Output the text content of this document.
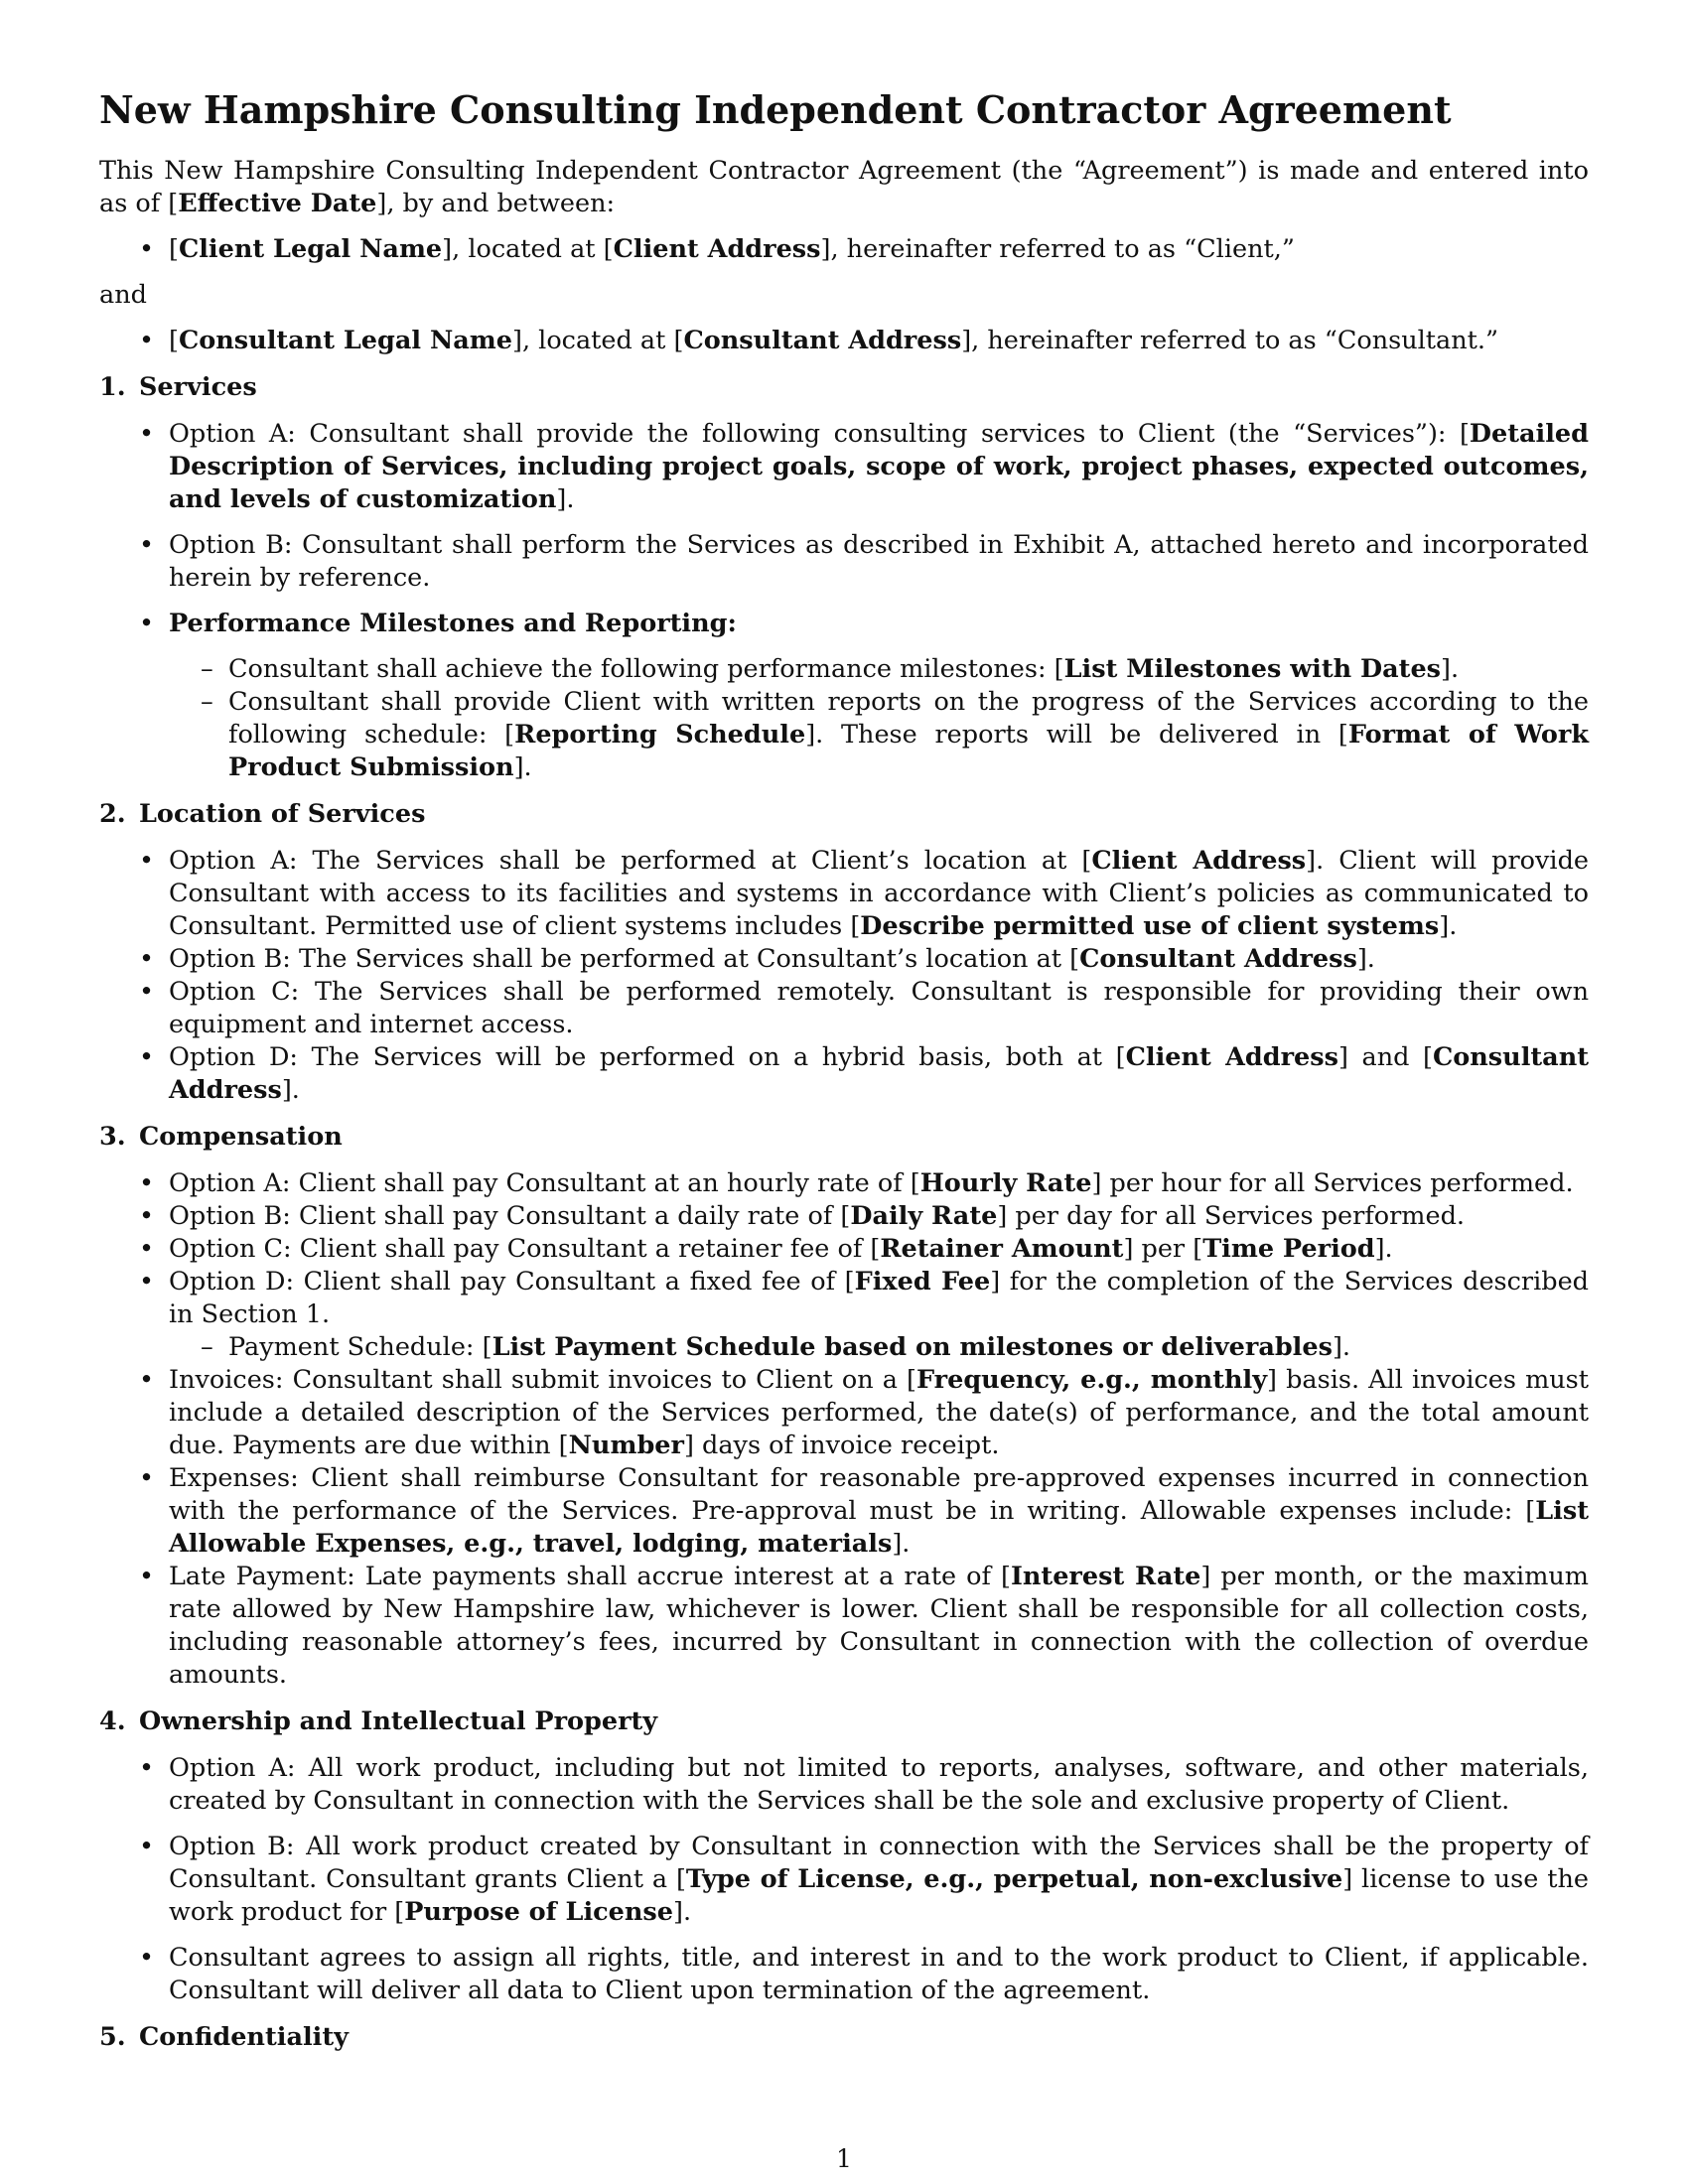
New Hampshire Consulting Independent Contractor Agreement

This New Hampshire Consulting Independent Contractor Agreement (the “Agreement”) is made and entered into as of [Effective Date], by and between:

• [Client Legal Name], located at [Client Address], hereinafter referred to as “Client,”

and

• [Consultant Legal Name], located at [Consultant Address], hereinafter referred to as “Consultant.”

1. Services

• Option A: Consultant shall provide the following consulting services to Client (the “Services”): [Detailed Description of Services, including project goals, scope of work, project phases, expected outcomes, and levels of customization].

• Option B: Consultant shall perform the Services as described in Exhibit A, attached hereto and incorporated herein by reference.

• Performance Milestones and Reporting:

– Consultant shall achieve the following performance milestones: [List Milestones with Dates].

– Consultant shall provide Client with written reports on the progress of the Services according to the following schedule: [Reporting Schedule]. These reports will be delivered in [Format of Work Product Submission].

2. Location of Services

• Option A: The Services shall be performed at Client’s location at [Client Address]. Client will provide Consultant with access to its facilities and systems in accordance with Client’s policies as communicated to Consultant. Permitted use of client systems includes [Describe permitted use of client systems].

• Option B: The Services shall be performed at Consultant’s location at [Consultant Address].

• Option C: The Services shall be performed remotely. Consultant is responsible for providing their own equipment and internet access.

• Option D: The Services will be performed on a hybrid basis, both at [Client Address] and [Consultant Address].

3. Compensation

• Option A: Client shall pay Consultant at an hourly rate of [Hourly Rate] per hour for all Services performed.

• Option B: Client shall pay Consultant a daily rate of [Daily Rate] per day for all Services performed.

• Option C: Client shall pay Consultant a retainer fee of [Retainer Amount] per [Time Period].

• Option D: Client shall pay Consultant a fixed fee of [Fixed Fee] for the completion of the Services described in Section 1.

– Payment Schedule: [List Payment Schedule based on milestones or deliverables].

• Invoices: Consultant shall submit invoices to Client on a [Frequency, e.g., monthly] basis. All invoices must include a detailed description of the Services performed, the date(s) of performance, and the total amount due. Payments are due within [Number] days of invoice receipt.

• Expenses: Client shall reimburse Consultant for reasonable pre-approved expenses incurred in connection with the performance of the Services. Pre-approval must be in writing. Allowable expenses include: [List Allowable Expenses, e.g., travel, lodging, materials].

• Late Payment: Late payments shall accrue interest at a rate of [Interest Rate] per month, or the maximum rate allowed by New Hampshire law, whichever is lower. Client shall be responsible for all collection costs, including reasonable attorney’s fees, incurred by Consultant in connection with the collection of overdue amounts.

4. Ownership and Intellectual Property

• Option A: All work product, including but not limited to reports, analyses, software, and other materials, created by Consultant in connection with the Services shall be the sole and exclusive property of Client.

• Option B: All work product created by Consultant in connection with the Services shall be the property of Consultant. Consultant grants Client a [Type of License, e.g., perpetual, non-exclusive] license to use the work product for [Purpose of License].

• Consultant agrees to assign all rights, title, and interest in and to the work product to Client, if applicable. Consultant will deliver all data to Client upon termination of the agreement.

5. Confidentiality

1
